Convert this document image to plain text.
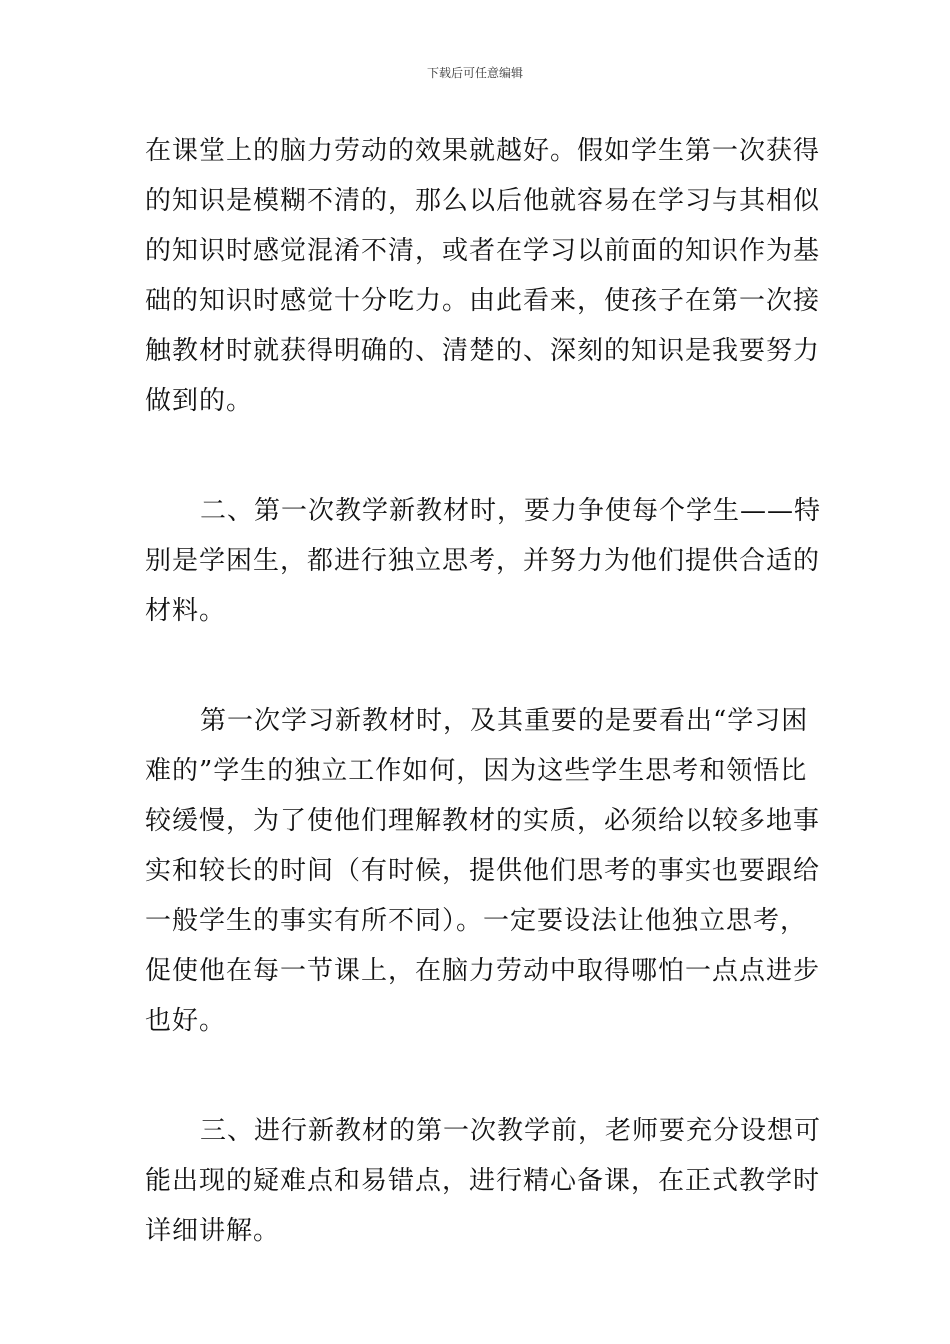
下载后可任意编辑

在课堂上的脑力劳动的效果就越好。假如学生第一次获得
的知识是模糊不清的，那么以后他就容易在学习与其相似
的知识时感觉混淆不清，或者在学习以前面的知识作为基
础的知识时感觉十分吃力。由此看来，使孩子在第一次接
触教材时就获得明确的、清楚的、深刻的知识是我要努力
做到的。

二、第一次教学新教材时，要力争使每个学生——特
别是学困生，都进行独立思考，并努力为他们提供合适的
材料。

第一次学习新教材时，及其重要的是要看出“学习困
难的”学生的独立工作如何，因为这些学生思考和领悟比
较缓慢，为了使他们理解教材的实质，必须给以较多地事
实和较长的时间（有时候，提供他们思考的事实也要跟给
一般学生的事实有所不同）。一定要设法让他独立思考，
促使他在每一节课上，在脑力劳动中取得哪怕一点点进步
也好。

三、进行新教材的第一次教学前，老师要充分设想可
能出现的疑难点和易错点，进行精心备课，在正式教学时
详细讲解。
